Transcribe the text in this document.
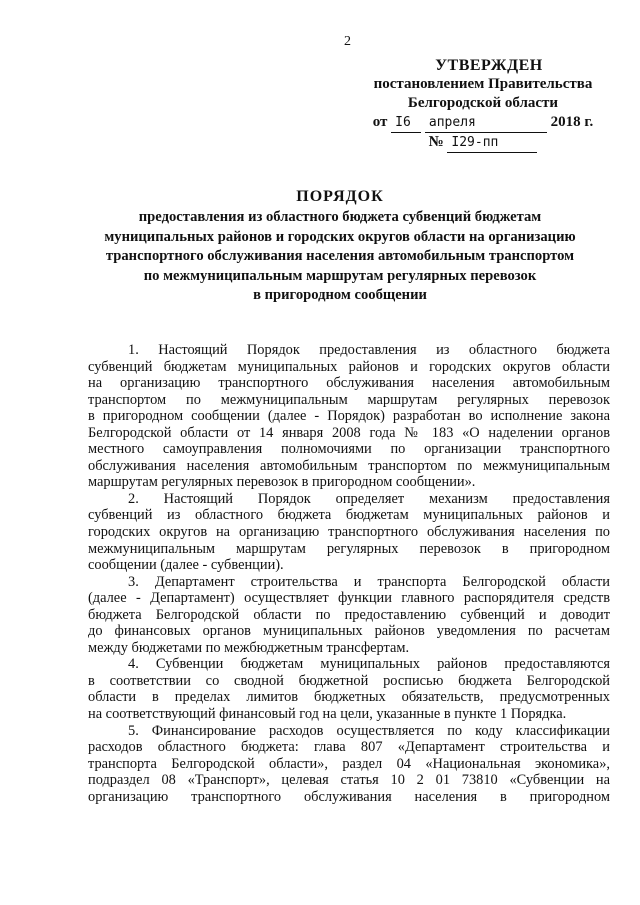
2
УТВЕРЖДЕН
постановлением Правительства
Белгородской области
от I6 апреля	2018 г.
№ I29-пп
ПОРЯДОК
предоставления из областного бюджета субвенций бюджетам
муниципальных районов и городских округов области на организацию
транспортного обслуживания населения автомобильным транспортом
по межмуниципальным маршрутам регулярных перевозок
в пригородном сообщении
1. Настоящий Порядок предоставления из областного бюджета
субвенций бюджетам муниципальных районов и городских округов области
на организацию транспортного обслуживания населения автомобильным
транспортом по межмуниципальным маршрутам регулярных перевозок
в пригородном сообщении (далее - Порядок) разработан во исполнение закона
Белгородской области от 14 января 2008 года № 183 «О наделении органов
местного самоуправления полномочиями по организации транспортного
обслуживания населения автомобильным транспортом по межмуниципальным
маршрутам регулярных перевозок в пригородном сообщении».
2. Настоящий Порядок определяет механизм предоставления
субвенций из областного бюджета бюджетам муниципальных районов и
городских округов на организацию транспортного обслуживания населения по
межмуниципальным маршрутам регулярных перевозок в пригородном
сообщении (далее - субвенции).
3. Департамент строительства и транспорта Белгородской области
(далее - Департамент) осуществляет функции главного распорядителя средств
бюджета Белгородской области по предоставлению субвенций и доводит
до финансовых органов муниципальных районов уведомления по расчетам
между бюджетами по межбюджетным трансфертам.
4. Субвенции бюджетам муниципальных районов предоставляются
в соответствии со сводной бюджетной росписью бюджета Белгородской
области в пределах лимитов бюджетных обязательств, предусмотренных
на соответствующий финансовый год на цели, указанные в пункте 1 Порядка.
5. Финансирование расходов осуществляется по коду классификации
расходов областного бюджета: глава 807 «Департамент строительства и
транспорта Белгородской области», раздел 04 «Национальная экономика»,
подраздел 08 «Транспорт», целевая статья 10 2 01 73810 «Субвенции на
организацию транспортного обслуживания населения в пригородном
